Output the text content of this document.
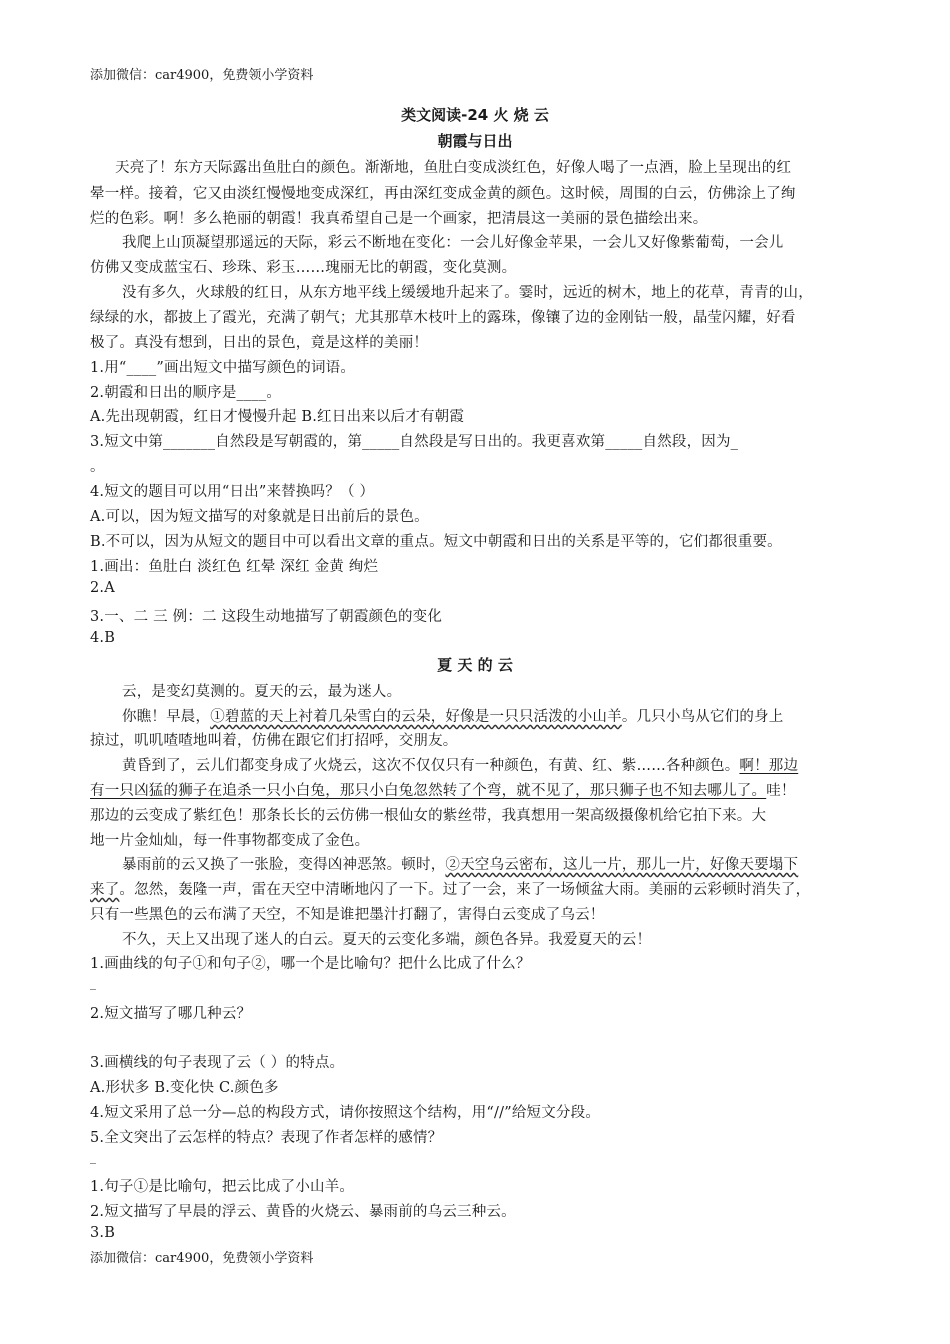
添加微信：car4900，免费领小学资料
类文阅读-24 火 烧 云
朝霞与日出
天亮了！东方天际露出鱼肚白的颜色。渐渐地，鱼肚白变成淡红色，好像人喝了一点酒，脸上呈现出的红
晕一样。接着，它又由淡红慢慢地变成深红，再由深红变成金黄的颜色。这时候，周围的白云，仿佛涂上了绚
烂的色彩。啊！多么艳丽的朝霞！我真希望自己是一个画家，把清晨这一美丽的景色描绘出来。
我爬上山顶凝望那遥远的天际，彩云不断地在变化：一会儿好像金苹果，一会儿又好像紫葡萄，一会儿
仿佛又变成蓝宝石、珍珠、彩玉……瑰丽无比的朝霞，变化莫测。
没有多久，火球般的红日，从东方地平线上缓缓地升起来了。霎时，远近的树木，地上的花草，青青的山，
绿绿的水，都披上了霞光，充满了朝气；尤其那草木枝叶上的露珠，像镶了边的金刚钻一般，晶莹闪耀，好看
极了。真没有想到，日出的景色，竟是这样的美丽！
1.用“____”画出短文中描写颜色的词语。
2.朝霞和日出的顺序是____。
A.先出现朝霞，红日才慢慢升起 B.红日出来以后才有朝霞
3.短文中第_______自然段是写朝霞的，第_____自然段是写日出的。我更喜欢第_____自然段，因为_
。
4.短文的题目可以用“日出”来替换吗？（ ）
A.可以，因为短文描写的对象就是日出前后的景色。
B.不可以，因为从短文的题目中可以看出文章的重点。短文中朝霞和日出的关系是平等的，它们都很重要。
1.画出：鱼肚白 淡红色 红晕 深红 金黄 绚烂
2.A
3.一、二 三 例：二 这段生动地描写了朝霞颜色的变化
4.B
夏 天 的 云
云，是变幻莫测的。夏天的云，最为迷人。
你瞧！早晨，①碧蓝的天上衬着几朵雪白的云朵，好像是一只只活泼的小山羊。几只小鸟从它们的身上
掠过，叽叽喳喳地叫着，仿佛在跟它们打招呼，交朋友。
黄昏到了，云儿们都变身成了火烧云，这次不仅仅只有一种颜色，有黄、红、紫……各种颜色。啊！那边
有一只凶猛的狮子在追杀一只小白兔，那只小白兔忽然转了个弯，就不见了，那只狮子也不知去哪儿了。哇！
那边的云变成了紫红色！那条长长的云仿佛一根仙女的紫丝带，我真想用一架高级摄像机给它拍下来。大
地一片金灿灿，每一件事物都变成了金色。
暴雨前的云又换了一张脸，变得凶神恶煞。顿时，②天空乌云密布，这儿一片，那儿一片，好像天要塌下
来了。忽然，轰隆一声，雷在天空中清晰地闪了一下。过了一会，来了一场倾盆大雨。美丽的云彩顿时消失了，
只有一些黑色的云布满了天空，不知是谁把墨汁打翻了，害得白云变成了乌云！
不久，天上又出现了迷人的白云。夏天的云变化多端，颜色各异。我爱夏天的云！
1.画曲线的句子①和句子②，哪一个是比喻句？把什么比成了什么？
_
2.短文描写了哪几种云？
3.画横线的句子表现了云（ ）的特点。
A.形状多 B.变化快 C.颜色多
4.短文采用了总一分—总的构段方式，请你按照这个结构，用“//”给短文分段。
5.全文突出了云怎样的特点？表现了作者怎样的感情？
_
1.句子①是比喻句，把云比成了小山羊。
2.短文描写了早晨的浮云、黄昏的火烧云、暴雨前的乌云三种云。
3.B
添加微信：car4900，免费领小学资料
